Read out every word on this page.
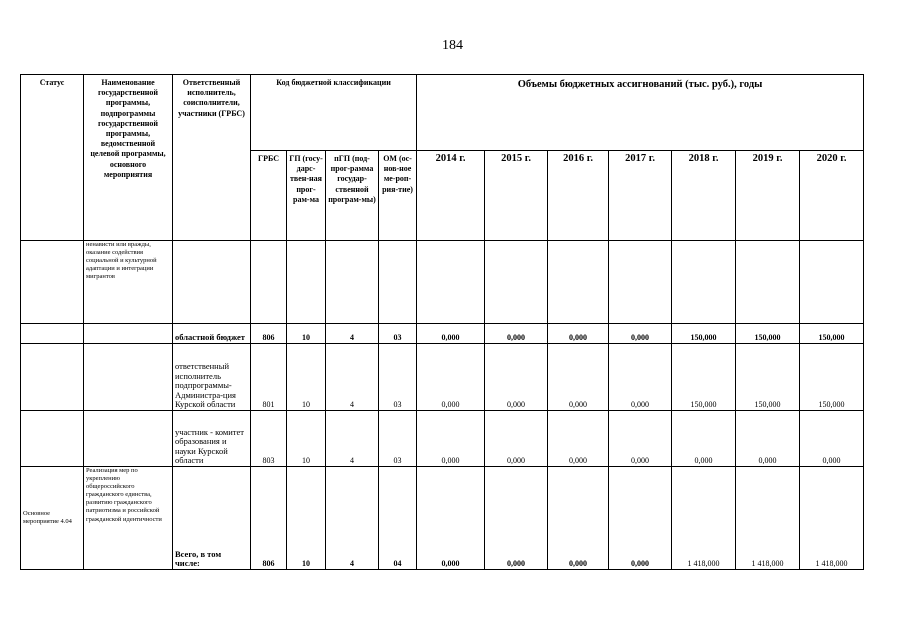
184
Статус	Наименование государственной программы, подпрограммы государственной программы, ведомственной целевой программы, основного мероприятия	Ответственный исполнитель, соисполнители, участники (ГРБС)	Код бюджетной классификации				Объемы бюджетных ассигнований (тыс. руб.), годы						
			ГРБС	ГП (госу-дарс-твен-ная прог-рам-ма	пГП (под-прог-рамма государ-ственной програм-мы)	ОМ (ос-нов-ное ме-роп-рия-тие)	2014 г.	2015 г.	2016 г.	2017 г.	2018 г.	2019 г.	2020 г.
	ненависти или вражды, оказание содействия социальной и культурной адаптации и интеграции мигрантов												
		областной бюджет	806	10	4	03	0,000	0,000	0,000	0,000	150,000	150,000	150,000
		ответственный исполнитель подпрограммы- Администра-ция Курской области	801	10	4	03	0,000	0,000	0,000	0,000	150,000	150,000	150,000
		участник - комитет образования и науки Курской области	803	10	4	03	0,000	0,000	0,000	0,000	0,000	0,000	0,000
Основное мероприятие 4.04	Реализация мер по укреплению общероссийского гражданского единства, развитию гражданского патриотизма и российской гражданской идентичности	Всего, в том числе:	806	10	4	04	0,000	0,000	0,000	0,000	1 418,000	1 418,000	1 418,000
